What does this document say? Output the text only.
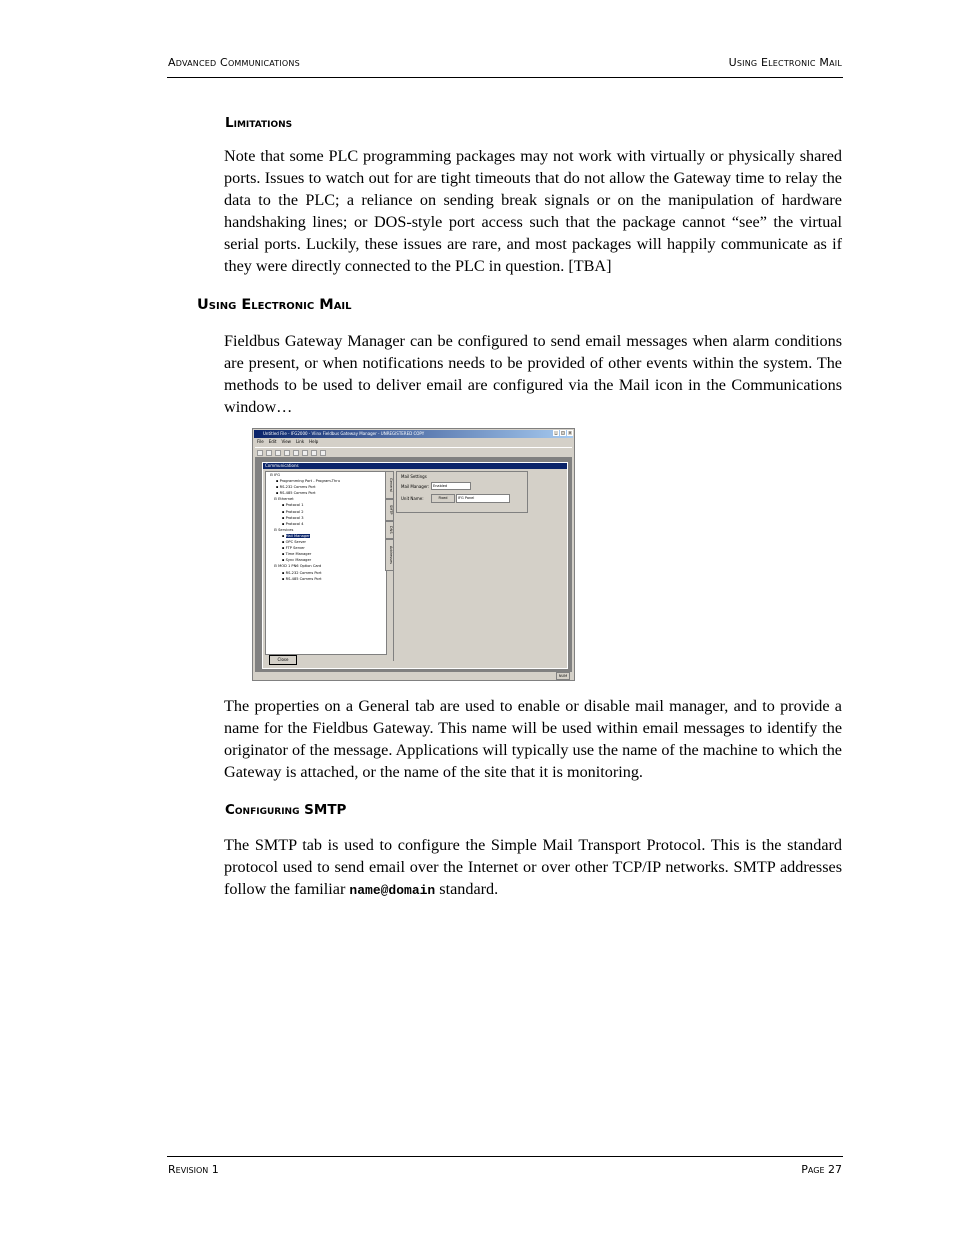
Advanced Communications	Using Electronic Mail
Limitations
Note that some PLC programming packages may not work with virtually or physically shared ports. Issues to watch out for are tight timeouts that do not allow the Gateway time to relay the data to the PLC; a reliance on sending break signals or on the manipulation of hardware handshaking lines; or DOS-style port access such that the package cannot “see” the virtual serial ports. Luckily, these issues are rare, and most packages will happily communicate as if they were directly connected to the PLC in question. [TBA]
Using Electronic Mail
Fieldbus Gateway Manager can be configured to send email messages when alarm conditions are present, or when notifications needs to be provided of other events within the system. The methods to be used to deliver email are configured via the Mail icon in the Communications window…
Untitled File - IFG2000 - Vlinx Fieldbus Gateway Manager - UNREGISTERED COPY	_	□ ×
File Edit View Link Help
Communications
⊟ IFG
▪ Programming Port - Program-Thru
▪ RS-232 Comms Port
▪ RS-485 Comms Port
⊟ Ethernet
▪ Protocol 1
▪ Protocol 2
▪ Protocol 3
▪ Protocol 4
⊟ Services
▪ Mail Manager
▪ OPC Server
▪ FTP Server
▪ Time Manager
▪ Sync Manager
⊟ MOD 1 PN6 Option Card
▪ RS-232 Comms Port
▪ RS-485 Comms Port
Close
General
SMTP
DNS
Addresses
Mail Settings
Mail Manager:	Enabled
Unit Name:	Fixed	IFG Panel
NUM
The properties on a General tab are used to enable or disable mail manager, and to provide a name for the Fieldbus Gateway. This name will be used within email messages to identify the originator of the message. Applications will typically use the name of the machine to which the Gateway is attached, or the name of the site that it is monitoring.
Configuring SMTP
The SMTP tab is used to configure the Simple Mail Transport Protocol. This is the standard protocol used to send email over the Internet or over other TCP/IP networks. SMTP addresses follow the familiar name@domain standard.
Revision 1	Page 27
